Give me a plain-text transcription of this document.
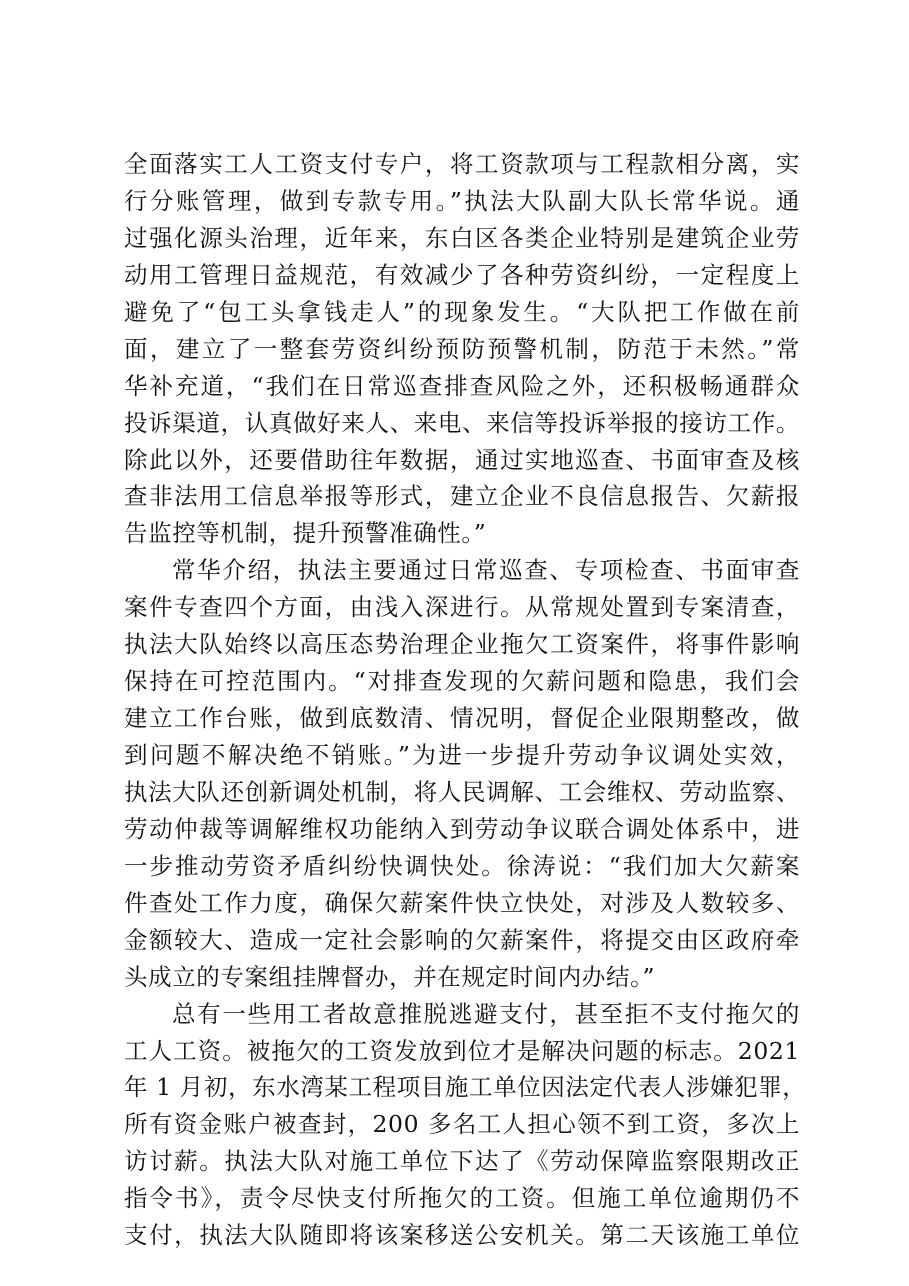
全面落实工人工资支付专户，将工资款项与工程款相分离，实
行分账管理，做到专款专用。”执法大队副大队长常华说。通
过强化源头治理，近年来，东白区各类企业特别是建筑企业劳
动用工管理日益规范，有效减少了各种劳资纠纷，一定程度上
避免了“包工头拿钱走人”的现象发生。“大队把工作做在前
面，建立了一整套劳资纠纷预防预警机制，防范于未然。”常
华补充道，“我们在日常巡查排查风险之外，还积极畅通群众
投诉渠道，认真做好来人、来电、来信等投诉举报的接访工作。
除此以外，还要借助往年数据，通过实地巡查、书面审查及核
查非法用工信息举报等形式，建立企业不良信息报告、欠薪报
告监控等机制，提升预警准确性。”
常华介绍，执法主要通过日常巡查、专项检查、书面审查
案件专查四个方面，由浅入深进行。从常规处置到专案清查，
执法大队始终以高压态势治理企业拖欠工资案件，将事件影响
保持在可控范围内。“对排查发现的欠薪问题和隐患，我们会
建立工作台账，做到底数清、情况明，督促企业限期整改，做
到问题不解决绝不销账。”为进一步提升劳动争议调处实效，
执法大队还创新调处机制，将人民调解、工会维权、劳动监察、
劳动仲裁等调解维权功能纳入到劳动争议联合调处体系中，进
一步推动劳资矛盾纠纷快调快处。徐涛说：“我们加大欠薪案
件查处工作力度，确保欠薪案件快立快处，对涉及人数较多、
金额较大、造成一定社会影响的欠薪案件，将提交由区政府牵
头成立的专案组挂牌督办，并在规定时间内办结。”
总有一些用工者故意推脱逃避支付，甚至拒不支付拖欠的
工人工资。被拖欠的工资发放到位才是解决问题的标志。2021
年 1 月初，东水湾某工程项目施工单位因法定代表人涉嫌犯罪，
所有资金账户被查封，200 多名工人担心领不到工资，多次上
访讨薪。执法大队对施工单位下达了《劳动保障监察限期改正
指令书》，责令尽快支付所拖欠的工资。但施工单位逾期仍不
支付，执法大队随即将该案移送公安机关。第二天该施工单位
